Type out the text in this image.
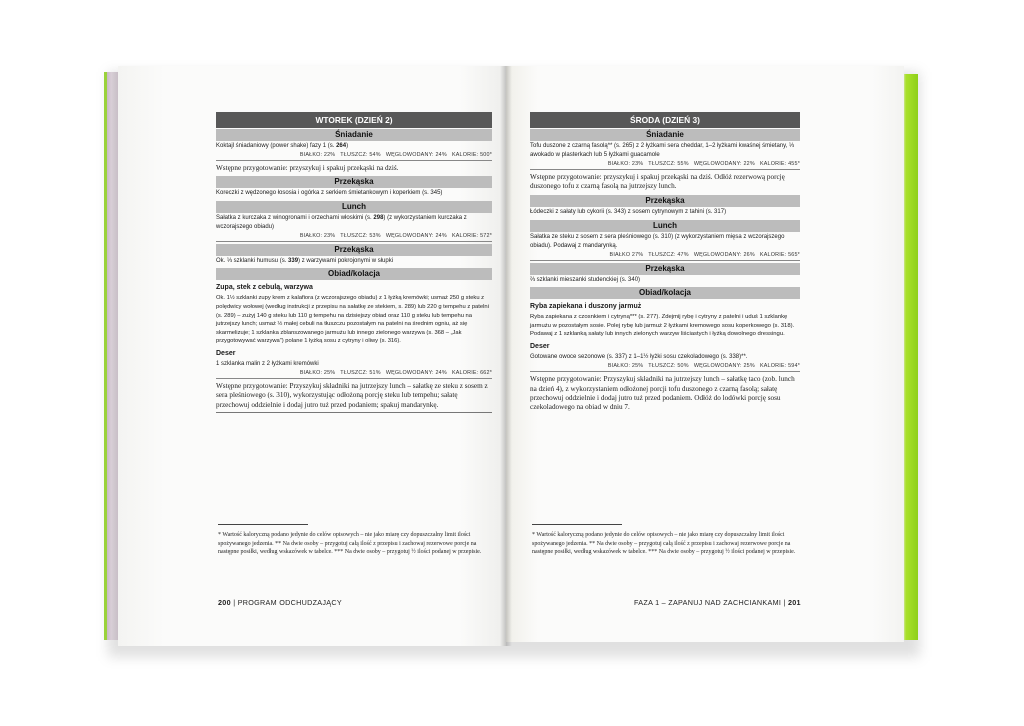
WTOREK (DZIEŃ 2)
Śniadanie
Koktajl śniadaniowy (power shake) fazy 1 (s. 264)
BIAŁKO: 22%   TŁUSZCZ: 54%   WĘGLOWODANY: 24%   KALORIE: 500*
Wstępne przygotowanie: przyszykuj i spakuj przekąski na dziś.
Przekąska
Koreczki z wędzonego łososia i ogórka z serkiem śmietankowym i koperkiem (s. 345)
Lunch
Sałatka z kurczaka z winogronami i orzechami włoskimi (s. 298) (z wykorzystaniem kurczaka z wczorajszego obiadu)
BIAŁKO: 23%   TŁUSZCZ: 53%   WĘGLOWODANY: 24%   KALORIE: 572*
Przekąska
Ok. ⅓ szklanki humusu (s. 339) z warzywami pokrojonymi w słupki
Obiad/kolacja
Zupa, stek z cebulą, warzywa
Ok. 1½ szklanki zupy krem z kalafiora (z wczorajszego obiadu) z 1 łyżką kremówki; usmaż 250 g steku z polędwicy wołowej (według instrukcji z przepisu na sałatkę ze stekiem, s. 289) lub 220 g tempehu z patelni (s. 289) – zużyj 140 g steku lub 110 g tempehu na dzisiejszy obiad oraz 110 g steku lub tempehu na jutrzejszy lunch; usmaż ½ małej cebuli na tłuszczu pozostałym na patelni na średnim ogniu, aż się skarmelizuje; 1 szklanka zblanszowanego jarmużu lub innego zielonego warzywa (s. 368 – „Jak przygotowywać warzywa”) polane 1 łyżką sosu z cytryny i oliwy (s. 316).
Deser
1 szklanka malin z 2 łyżkami kremówki
BIAŁKO: 25%   TŁUSZCZ: 51%   WĘGLOWODANY: 24%   KALORIE: 662*
Wstępne przygotowanie: Przyszykuj składniki na jutrzejszy lunch – sałatkę ze steku z sosem z sera pleśniowego (s. 310), wykorzystując odłożoną porcję steku lub tempehu; sałatę przechowuj oddzielnie i dodaj jutro tuż przed podaniem; spakuj mandarynkę.
* Wartość kaloryczną podano jedynie do celów opisowych – nie jako miarę czy dopuszczalny limit ilości spożywanego jedzenia. ** Na dwie osoby – przygotuj całą ilość z przepisu i zachowaj rezerwowe porcje na następne posiłki, według wskazówek w tabelce. *** Na dwie osoby – przygotuj ½ ilości podanej w przepisie.
200 | PROGRAM ODCHUDZAJĄCY
ŚRODA (DZIEŃ 3)
Śniadanie
Tofu duszone z czarną fasolą** (s. 265) z 2 łyżkami sera cheddar, 1–2 łyżkami kwaśnej śmietany, ⅓ awokado w plasterkach lub 5 łyżkami guacamole
BIAŁKO: 23%   TŁUSZCZ: 55%   WĘGLOWODANY: 22%   KALORIE: 455*
Wstępne przygotowanie: przyszykuj i spakuj przekąski na dziś. Odłóż rezerwową porcję duszonego tofu z czarną fasolą na jutrzejszy lunch.
Przekąska
Łódeczki z sałaty lub cykorii (s. 343) z sosem cytrynowym z tahini (s. 317)
Lunch
Sałatka ze steku z sosem z sera pleśniowego (s. 310) (z wykorzystaniem mięsa z wczorajszego obiadu). Podawaj z mandarynką.
BIAŁKO 27%   TŁUSZCZ: 47%   WĘGLOWODANY: 26%   KALORIE: 565*
Przekąska
⅔ szklanki mieszanki studenckiej (s. 340)
Obiad/kolacja
Ryba zapiekana i duszony jarmuż
Ryba zapiekana z czosnkiem i cytryną*** (s. 277). Zdejmij rybę i cytryny z patelni i uduś 1 szklankę jarmużu w pozostałym sosie. Polej rybę lub jarmuż 2 łyżkami kremowego sosu koperkowego (s. 318). Podawaj z 1 szklanką sałaty lub innych zielonych warzyw liściastych i łyżką dowolnego dressingu.
Deser
Gotowane owoce sezonowe (s. 337) z 1–1½ łyżki sosu czekoladowego (s. 338)**.
BIAŁKO: 25%   TŁUSZCZ: 50%   WĘGLOWODANY: 25%   KALORIE: 594*
Wstępne przygotowanie: Przyszykuj składniki na jutrzejszy lunch – sałatkę taco (zob. lunch na dzień 4), z wykorzystaniem odłożonej porcji tofu duszonego z czarną fasolą; sałatę przechowuj oddzielnie i dodaj jutro tuż przed podaniem. Odłóż do lodówki porcję sosu czekoladowego na obiad w dniu 7.
* Wartość kaloryczną podano jedynie do celów opisowych – nie jako miarę czy dopuszczalny limit ilości spożywanego jedzenia. ** Na dwie osoby – przygotuj całą ilość z przepisu i zachowaj rezerwowe porcje na następne posiłki, według wskazówek w tabelce. *** Na dwie osoby – przygotuj ½ ilości podanej w przepisie.
FAZA 1 – ZAPANUJ NAD ZACHCIANKAMI | 201
